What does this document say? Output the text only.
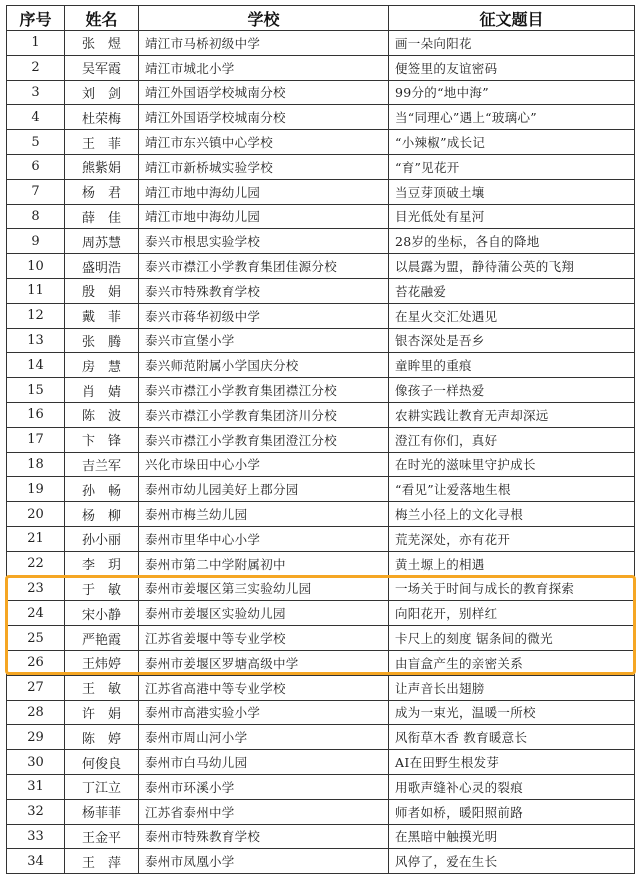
序号	姓名	学校	征文题目
1	张　煜	靖江市马桥初级中学	画一朵向阳花
2	吴军霞	靖江市城北小学	便签里的友谊密码
3	刘　剑	靖江外国语学校城南分校	99分的“地中海”
4	杜荣梅	靖江外国语学校城南分校	当“同理心”遇上“玻璃心”
5	王　菲	靖江市东兴镇中心学校	“小辣椒”成长记
6	熊紫娟	靖江市新桥城实验学校	“育”见花开
7	杨　君	靖江市地中海幼儿园	当豆芽顶破土壤
8	薛　佳	靖江市地中海幼儿园	目光低处有星河
9	周苏慧	泰兴市根思实验学校	28岁的坐标，各自的降地
10	盛明浩	泰兴市襟江小学教育集团佳源分校	以晨露为盟，静待蒲公英的飞翔
11	殷　娟	泰兴市特殊教育学校	苔花融爱
12	戴　菲	泰兴市蒋华初级中学	在星火交汇处遇见
13	张　腾	泰兴市宣堡小学	银杏深处是吾乡
14	房　慧	泰兴师范附属小学国庆分校	童眸里的重痕
15	肖　婧	泰兴市襟江小学教育集团襟江分校	像孩子一样热爱
16	陈　波	泰兴市襟江小学教育集团济川分校	农耕实践让教育无声却深远
17	卞　锋	泰兴市襟江小学教育集团澄江分校	澄江有你们，真好
18	吉兰军	兴化市垛田中心小学	在时光的滋味里守护成长
19	孙　畅	泰州市幼儿园美好上郡分园	“看见”让爱落地生根
20	杨　柳	泰州市梅兰幼儿园	梅兰小径上的文化寻根
21	孙小丽	泰州市里华中心小学	荒芜深处，亦有花开
22	李　玥	泰州市第二中学附属初中	黄土塬上的相遇
23	于　敏	泰州市姜堰区第三实验幼儿园	一场关于时间与成长的教育探索
24	宋小静	泰州市姜堰区实验幼儿园	向阳花开，别样红
25	严艳霞	江苏省姜堰中等专业学校	卡尺上的刻度 锯条间的微光
26	王炜婷	泰州市姜堰区罗塘高级中学	由盲盒产生的亲密关系
27	王　敏	江苏省高港中等专业学校	让声音长出翅膀
28	许　娟	泰州市高港实验小学	成为一束光，温暖一所校
29	陈　婷	泰州市周山河小学	风衔草木香 教育暖意长
30	何俊良	泰州市白马幼儿园	AI在田野生根发芽
31	丁江立	泰州市环溪小学	用歌声缝补心灵的裂痕
32	杨菲菲	江苏省泰州中学	师者如桥，暖阳照前路
33	王金平	泰州市特殊教育学校	在黑暗中触摸光明
34	王　萍	泰州市凤凰小学	风停了，爱在生长
